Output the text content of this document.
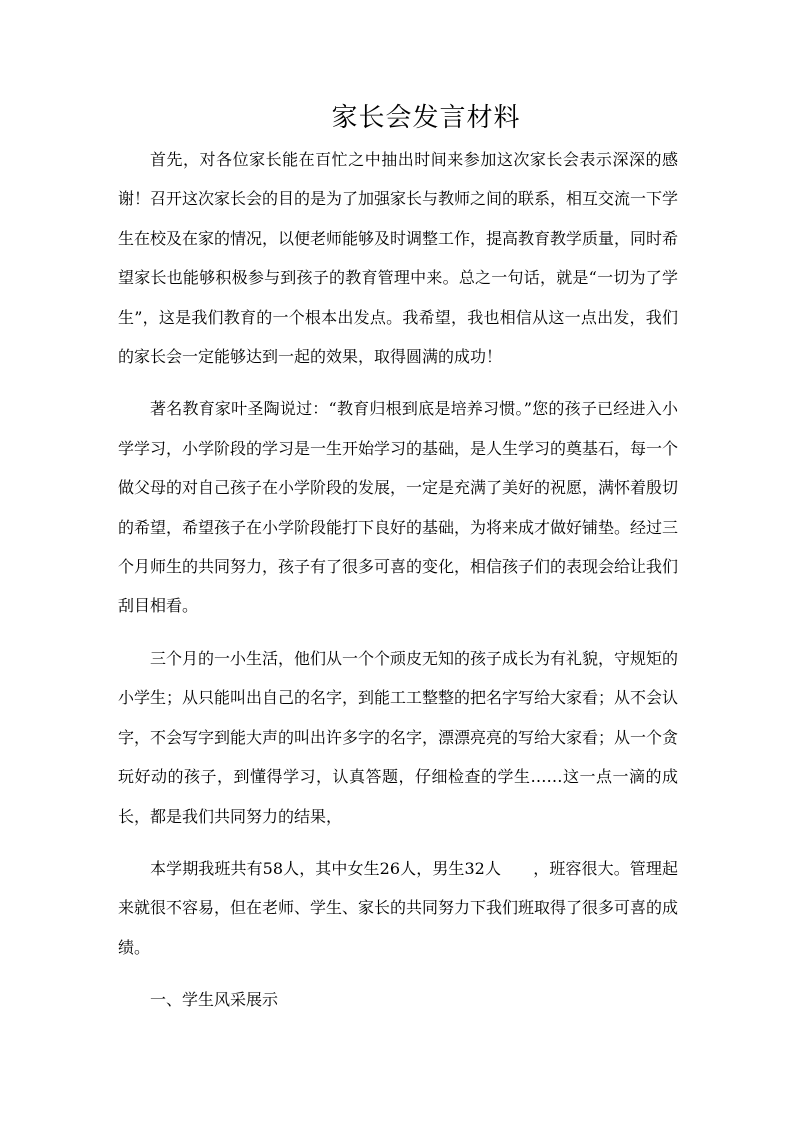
家长会发言材料

首先，对各位家长能在百忙之中抽出时间来参加这次家长会表示深深的感谢！召开这次家长会的目的是为了加强家长与教师之间的联系，相互交流一下学生在校及在家的情况，以便老师能够及时调整工作，提高教育教学质量，同时希望家长也能够积极参与到孩子的教育管理中来。总之一句话，就是“一切为了学生”，这是我们教育的一个根本出发点。我希望，我也相信从这一点出发，我们的家长会一定能够达到一起的效果，取得圆满的成功！

著名教育家叶圣陶说过：“教育归根到底是培养习惯。”您的孩子已经进入小学学习，小学阶段的学习是一生开始学习的基础，是人生学习的奠基石，每一个做父母的对自己孩子在小学阶段的发展，一定是充满了美好的祝愿，满怀着殷切的希望，希望孩子在小学阶段能打下良好的基础，为将来成才做好铺垫。经过三个月师生的共同努力，孩子有了很多可喜的变化，相信孩子们的表现会给让我们刮目相看。

三个月的一小生活，他们从一个个顽皮无知的孩子成长为有礼貌，守规矩的小学生；从只能叫出自己的名字，到能工工整整的把名字写给大家看；从不会认字，不会写字到能大声的叫出许多字的名字，漂漂亮亮的写给大家看；从一个贪玩好动的孩子，到懂得学习，认真答题，仔细检查的学生……这一点一滴的成长，都是我们共同努力的结果，

本学期我班共有58人，其中女生26人，男生32人　　，班容很大。管理起来就很不容易，但在老师、学生、家长的共同努力下我们班取得了很多可喜的成绩。

一、学生风采展示
